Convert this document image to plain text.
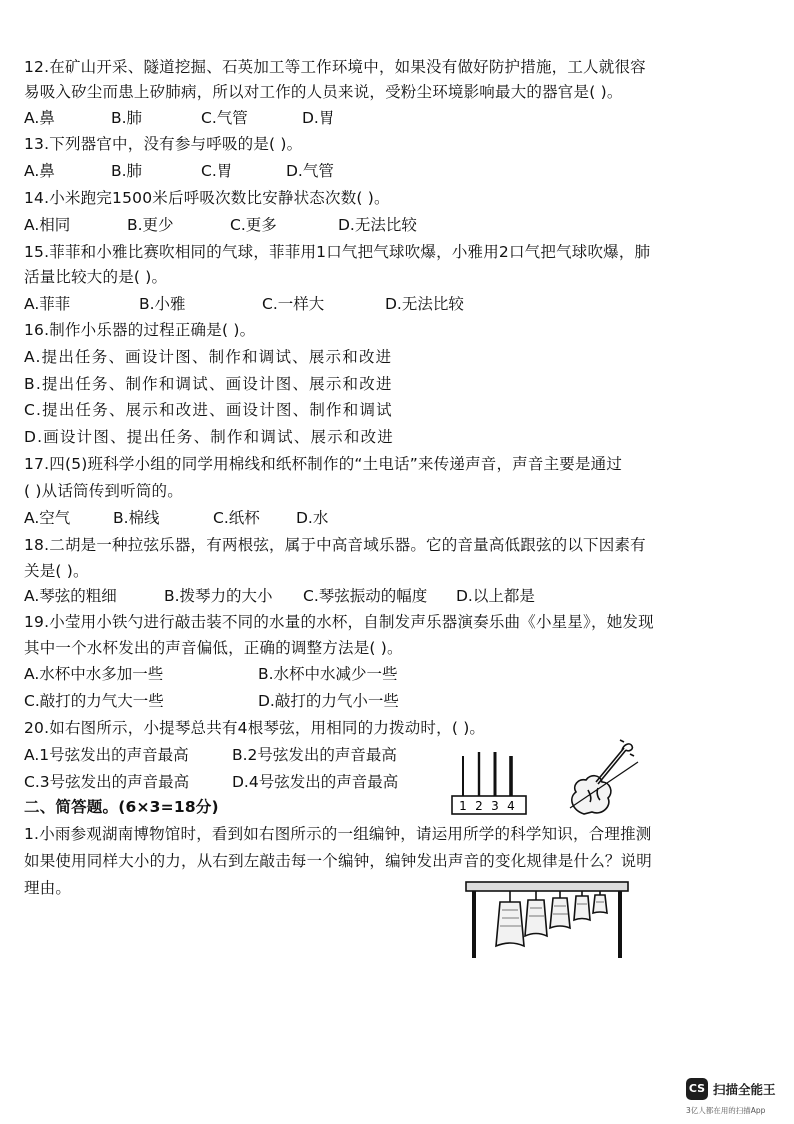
12.在矿山开采、隧道挖掘、石英加工等工作环境中，如果没有做好防护措施，工人就很容
易吸入矽尘而患上矽肺病，所以对工作的人员来说，受粉尘环境影响最大的器官是( )。
A.鼻	B.肺	C.气管	D.胃
13.下列器官中，没有参与呼吸的是( )。
A.鼻	B.肺	C.胃	D.气管
14.小米跑完1500米后呼吸次数比安静状态次数( )。
A.相同	B.更少	C.更多	D.无法比较
15.菲菲和小雅比赛吹相同的气球，菲菲用1口气把气球吹爆，小雅用2口气把气球吹爆，肺
活量比较大的是( )。
A.菲菲	B.小雅	C.一样大	D.无法比较
16.制作小乐器的过程正确是( )。
A.提出任务、画设计图、制作和调试、展示和改进
B.提出任务、制作和调试、画设计图、展示和改进
C.提出任务、展示和改进、画设计图、制作和调试
D.画设计图、提出任务、制作和调试、展示和改进
17.四(5)班科学小组的同学用棉线和纸杯制作的“土电话”来传递声音，声音主要是通过
( )从话筒传到听筒的。
A.空气	B.棉线	C.纸杯 D.水
18.二胡是一种拉弦乐器，有两根弦，属于中高音域乐器。它的音量高低跟弦的以下因素有
关是( )。
A.琴弦的粗细	B.拨琴力的大小 C.琴弦振动的幅度 D.以上都是
19.小莹用小铁勺进行敲击装不同的水量的水杯，自制发声乐器演奏乐曲《小星星》，她发现
其中一个水杯发出的声音偏低，正确的调整方法是( )。
A.水杯中水多加一些	B.水杯中水减少一些
C.敲打的力气大一些	D.敲打的力气小一些
20.如右图所示，小提琴总共有4根琴弦，用相同的力拨动时，( )。
A.1号弦发出的声音最高	B.2号弦发出的声音最高
C.3号弦发出的声音最高	D.4号弦发出的声音最高
1 2 3 4
二、简答题。(6×3=18分)
1.小雨参观湖南博物馆时，看到如右图所示的一组编钟，请运用所学的科学知识，合理推测
如果使用同样大小的力，从右到左敲击每一个编钟，编钟发出声音的变化规律是什么？说明
理由。
CS 扫描全能王
3亿人都在用的扫描App
